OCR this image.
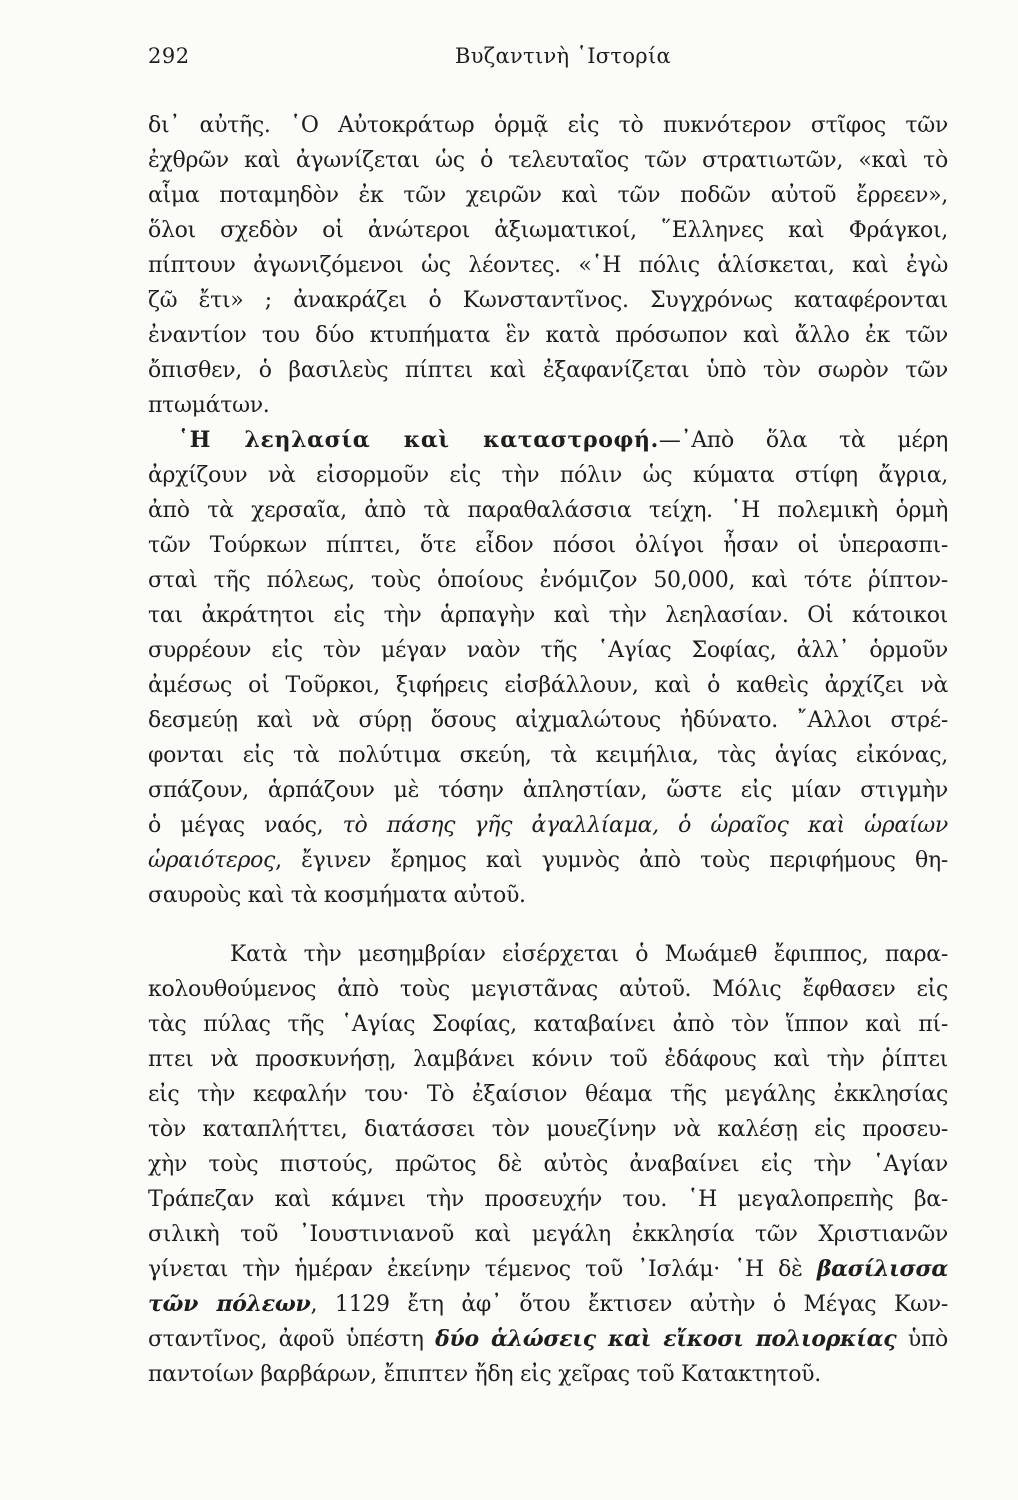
292	Βυζαντινὴ ῾Ιστορία
δι᾽ αὐτῆς. ῾Ο Αὐτοκράτωρ ὁρμᾷ εἰς τὸ πυκνότερον στῖφος τῶν
ἐχθρῶν καὶ ἀγωνίζεται ὡς ὁ τελευταῖος τῶν στρατιωτῶν, «καὶ τὸ
αἷμα ποταμηδὸν ἐκ τῶν χειρῶν καὶ τῶν ποδῶν αὐτοῦ ἔρρεεν»,
ὅλοι σχεδὸν οἱ ἀνώτεροι ἀξιωματικοί, ῞Ελληνες καὶ Φράγκοι,
πίπτουν ἀγωνιζόμενοι ὡς λέοντες. «῾Η πόλις ἁλίσκεται, καὶ ἐγὼ
ζῶ ἔτι» ; ἀνακράζει ὁ Κωνσταντῖνος. Συγχρόνως καταφέρονται
ἐναντίον του δύο κτυπήματα ἓν κατὰ πρόσωπον καὶ ἄλλο ἐκ τῶν
ὄπισθεν, ὁ βασιλεὺς πίπτει καὶ ἐξαφανίζεται ὑπὸ τὸν σωρὸν τῶν
πτωμάτων.
῾Η λεηλασία καὶ καταστροφή.—᾿Απὸ ὅλα τὰ μέρη
ἀρχίζουν νὰ εἰσορμοῦν εἰς τὴν πόλιν ὡς κύματα στίφη ἄγρια,
ἀπὸ τὰ χερσαῖα, ἀπὸ τὰ παραθαλάσσια τείχη. ῾Η πολεμικὴ ὁρμὴ
τῶν Τούρκων πίπτει, ὅτε εἶδον πόσοι ὀλίγοι ἦσαν οἱ ὑπερασπι-
σταὶ τῆς πόλεως, τοὺς ὁποίους ἐνόμιζον 50,000, καὶ τότε ῥίπτον-
ται ἀκράτητοι εἰς τὴν ἁρπαγὴν καὶ τὴν λεηλασίαν. Οἱ κάτοικοι
συρρέουν εἰς τὸν μέγαν ναὸν τῆς ῾Αγίας Σοφίας, ἀλλ᾽ ὁρμοῦν
ἀμέσως οἱ Τοῦρκοι, ξιφήρεις εἰσβάλλουν, καὶ ὁ καθεὶς ἀρχίζει νὰ
δεσμεύῃ καὶ νὰ σύρῃ ὅσους αἰχμαλώτους ἠδύνατο. ῎Αλλοι στρέ-
φονται εἰς τὰ πολύτιμα σκεύη, τὰ κειμήλια, τὰς ἁγίας εἰκόνας,
σπάζουν, ἁρπάζουν μὲ τόσην ἀπληστίαν, ὥστε εἰς μίαν στιγμὴν
ὁ μέγας ναός, τὸ πάσης γῆς ἀγαλλίαμα, ὁ ὡραῖος καὶ ὡραίων
ὡραιότερος, ἔγινεν ἔρημος καὶ γυμνὸς ἀπὸ τοὺς περιφήμους θη-
σαυροὺς καὶ τὰ κοσμήματα αὐτοῦ.
Κατὰ τὴν μεσημβρίαν εἰσέρχεται ὁ Μωάμεθ ἔφιππος, παρα-
κολουθούμενος ἀπὸ τοὺς μεγιστᾶνας αὐτοῦ. Μόλις ἔφθασεν εἰς
τὰς πύλας τῆς ῾Αγίας Σοφίας, καταβαίνει ἀπὸ τὸν ἵππον καὶ πί-
πτει νὰ προσκυνήσῃ, λαμβάνει κόνιν τοῦ ἐδάφους καὶ τὴν ῥίπτει
εἰς τὴν κεφαλήν του· Τὸ ἐξαίσιον θέαμα τῆς μεγάλης ἐκκλησίας
τὸν καταπλήττει, διατάσσει τὸν μουεζίνην νὰ καλέσῃ εἰς προσευ-
χὴν τοὺς πιστούς, πρῶτος δὲ αὐτὸς ἀναβαίνει εἰς τὴν ῾Αγίαν
Τράπεζαν καὶ κάμνει τὴν προσευχήν του. ῾Η μεγαλοπρεπὴς βα-
σιλικὴ τοῦ ᾿Ιουστινιανοῦ καὶ μεγάλη ἐκκλησία τῶν Χριστιανῶν
γίνεται τὴν ἡμέραν ἐκείνην τέμενος τοῦ ᾿Ισλάμ· ῾Η δὲ βασίλισσα
τῶν πόλεων, 1129 ἔτη ἀφ᾽ ὅτου ἔκτισεν αὐτὴν ὁ Μέγας Κων-
σταντῖνος, ἀφοῦ ὑπέστη δύο ἁλώσεις καὶ εἴκοσι πολιορκίας ὑπὸ
παντοίων βαρβάρων, ἔπιπτεν ἤδη εἰς χεῖρας τοῦ Κατακτητοῦ.
